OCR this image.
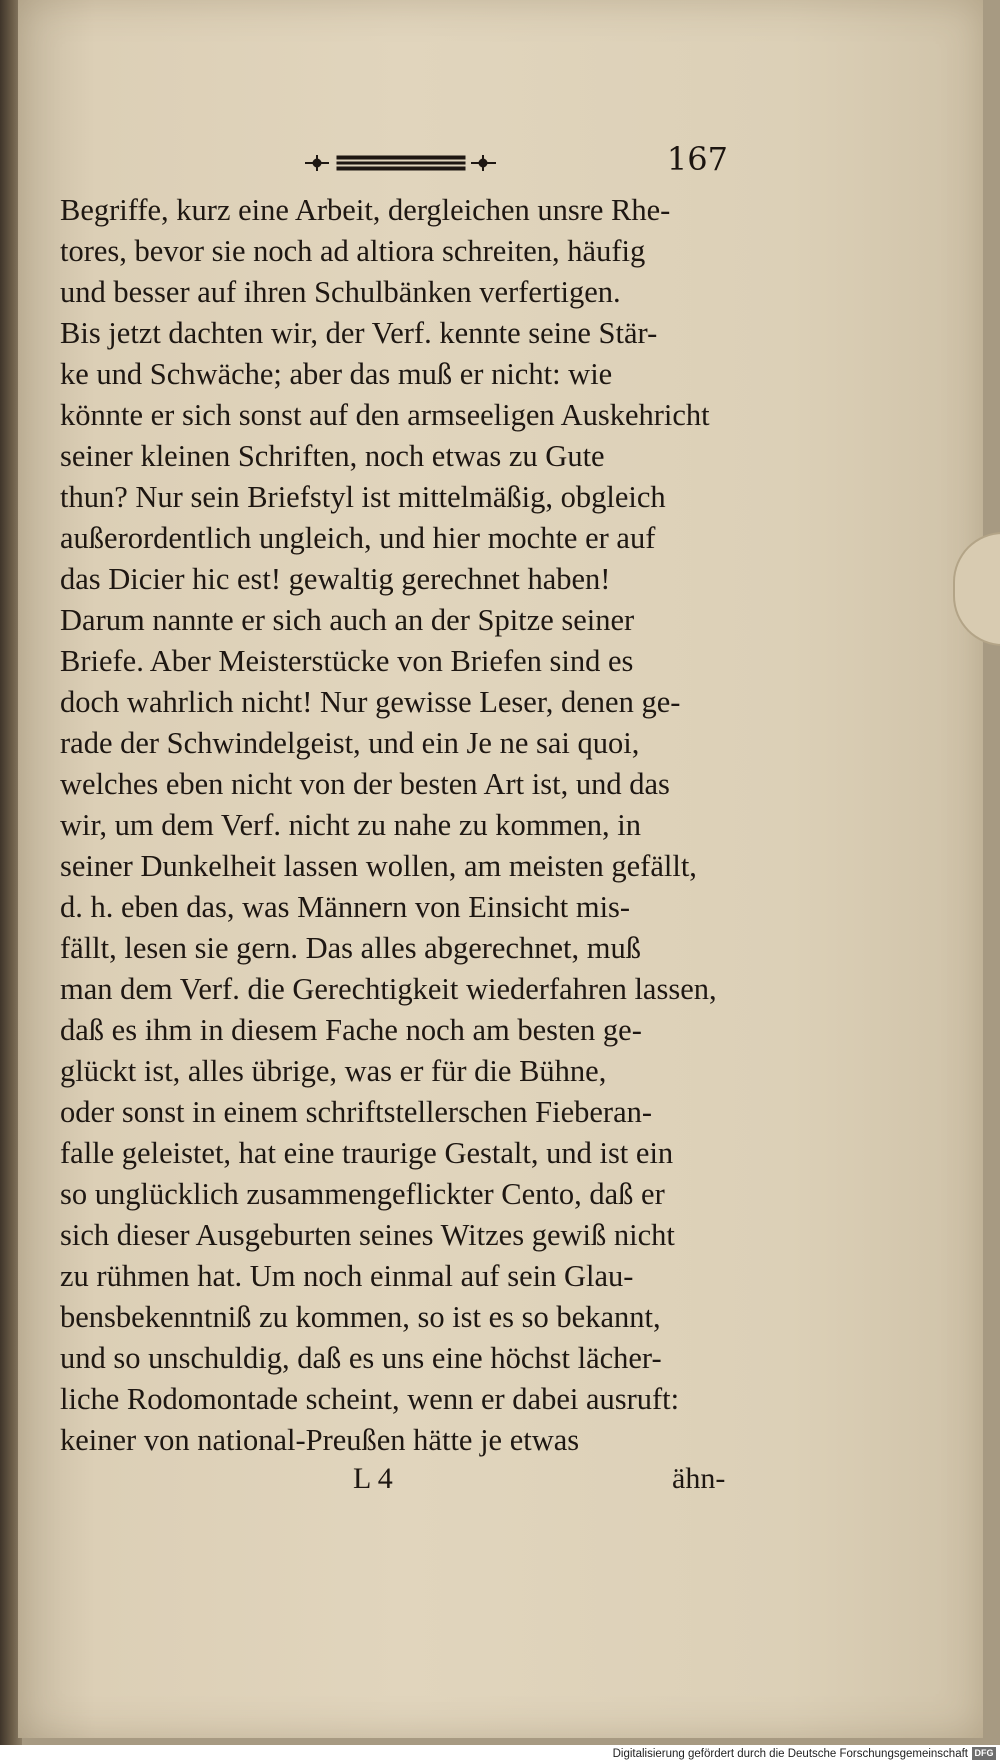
167
Begriffe, kurz eine Arbeit, dergleichen unsre Rhe-
tores, bevor sie noch ad altiora schreiten, häufig
und besser auf ihren Schulbänken verfertigen.
Bis jetzt dachten wir, der Verf. kennte seine Stär-
ke und Schwäche; aber das muß er nicht: wie
könnte er sich sonst auf den armseeligen Auskehricht
seiner kleinen Schriften, noch etwas zu Gute
thun? Nur sein Briefstyl ist mittelmäßig, obgleich
außerordentlich ungleich, und hier mochte er auf
das Dicier hic est! gewaltig gerechnet haben!
Darum nannte er sich auch an der Spitze seiner
Briefe. Aber Meisterstücke von Briefen sind es
doch wahrlich nicht! Nur gewisse Leser, denen ge-
rade der Schwindelgeist, und ein Je ne sai quoi,
welches eben nicht von der besten Art ist, und das
wir, um dem Verf. nicht zu nahe zu kommen, in
seiner Dunkelheit lassen wollen, am meisten gefällt,
d. h. eben das, was Männern von Einsicht mis-
fällt, lesen sie gern. Das alles abgerechnet, muß
man dem Verf. die Gerechtigkeit wiederfahren lassen,
daß es ihm in diesem Fache noch am besten ge-
glückt ist, alles übrige, was er für die Bühne,
oder sonst in einem schriftstellerschen Fieberan-
falle geleistet, hat eine traurige Gestalt, und ist ein
so unglücklich zusammengeflickter Cento, daß er
sich dieser Ausgeburten seines Witzes gewiß nicht
zu rühmen hat. Um noch einmal auf sein Glau-
bensbekenntniß zu kommen, so ist es so bekannt,
und so unschuldig, daß es uns eine höchst lächer-
liche Rodomontade scheint, wenn er dabei ausruft:
keiner von national-Preußen hätte je etwas
L 4	ähn-
Digitalisierung gefördert durch die Deutsche Forschungsgemeinschaft DFG
